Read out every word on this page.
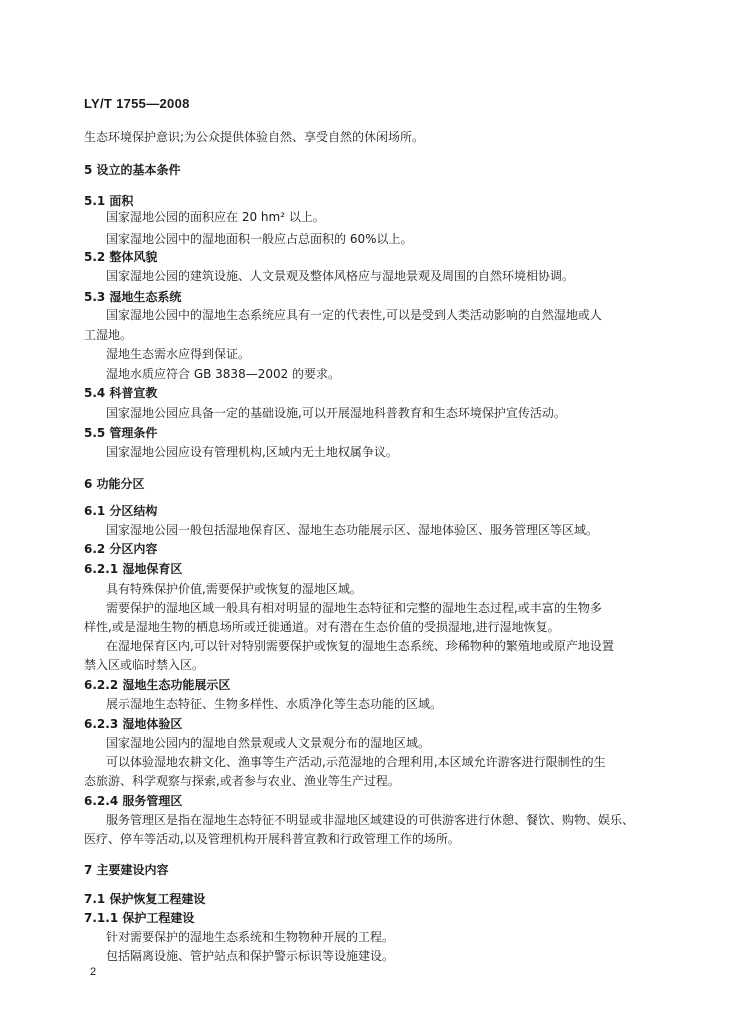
LY/T 1755—2008
生态环境保护意识;为公众提供体验自然、享受自然的休闲场所。
5 设立的基本条件
5.1 面积
国家湿地公园的面积应在 20 hm² 以上。
国家湿地公园中的湿地面积一般应占总面积的 60%以上。
5.2 整体风貌
国家湿地公园的建筑设施、人文景观及整体风格应与湿地景观及周围的自然环境相协调。
5.3 湿地生态系统
国家湿地公园中的湿地生态系统应具有一定的代表性,可以是受到人类活动影响的自然湿地或人
工湿地。
湿地生态需水应得到保证。
湿地水质应符合 GB 3838—2002 的要求。
5.4 科普宣教
国家湿地公园应具备一定的基础设施,可以开展湿地科普教育和生态环境保护宣传活动。
5.5 管理条件
国家湿地公园应设有管理机构,区域内无土地权属争议。
6 功能分区
6.1 分区结构
国家湿地公园一般包括湿地保育区、湿地生态功能展示区、湿地体验区、服务管理区等区域。
6.2 分区内容
6.2.1 湿地保育区
具有特殊保护价值,需要保护或恢复的湿地区域。
需要保护的湿地区域一般具有相对明显的湿地生态特征和完整的湿地生态过程,或丰富的生物多
样性,或是湿地生物的栖息场所或迁徙通道。对有潜在生态价值的受损湿地,进行湿地恢复。
在湿地保育区内,可以针对特别需要保护或恢复的湿地生态系统、珍稀物种的繁殖地或原产地设置
禁入区或临时禁入区。
6.2.2 湿地生态功能展示区
展示湿地生态特征、生物多样性、水质净化等生态功能的区域。
6.2.3 湿地体验区
国家湿地公园内的湿地自然景观或人文景观分布的湿地区域。
可以体验湿地农耕文化、渔事等生产活动,示范湿地的合理利用,本区域允许游客进行限制性的生
态旅游、科学观察与探索,或者参与农业、渔业等生产过程。
6.2.4 服务管理区
服务管理区是指在湿地生态特征不明显或非湿地区域建设的可供游客进行休憩、餐饮、购物、娱乐、
医疗、停车等活动,以及管理机构开展科普宣教和行政管理工作的场所。
7 主要建设内容
7.1 保护恢复工程建设
7.1.1 保护工程建设
针对需要保护的湿地生态系统和生物物种开展的工程。
包括隔离设施、管护站点和保护警示标识等设施建设。
2
